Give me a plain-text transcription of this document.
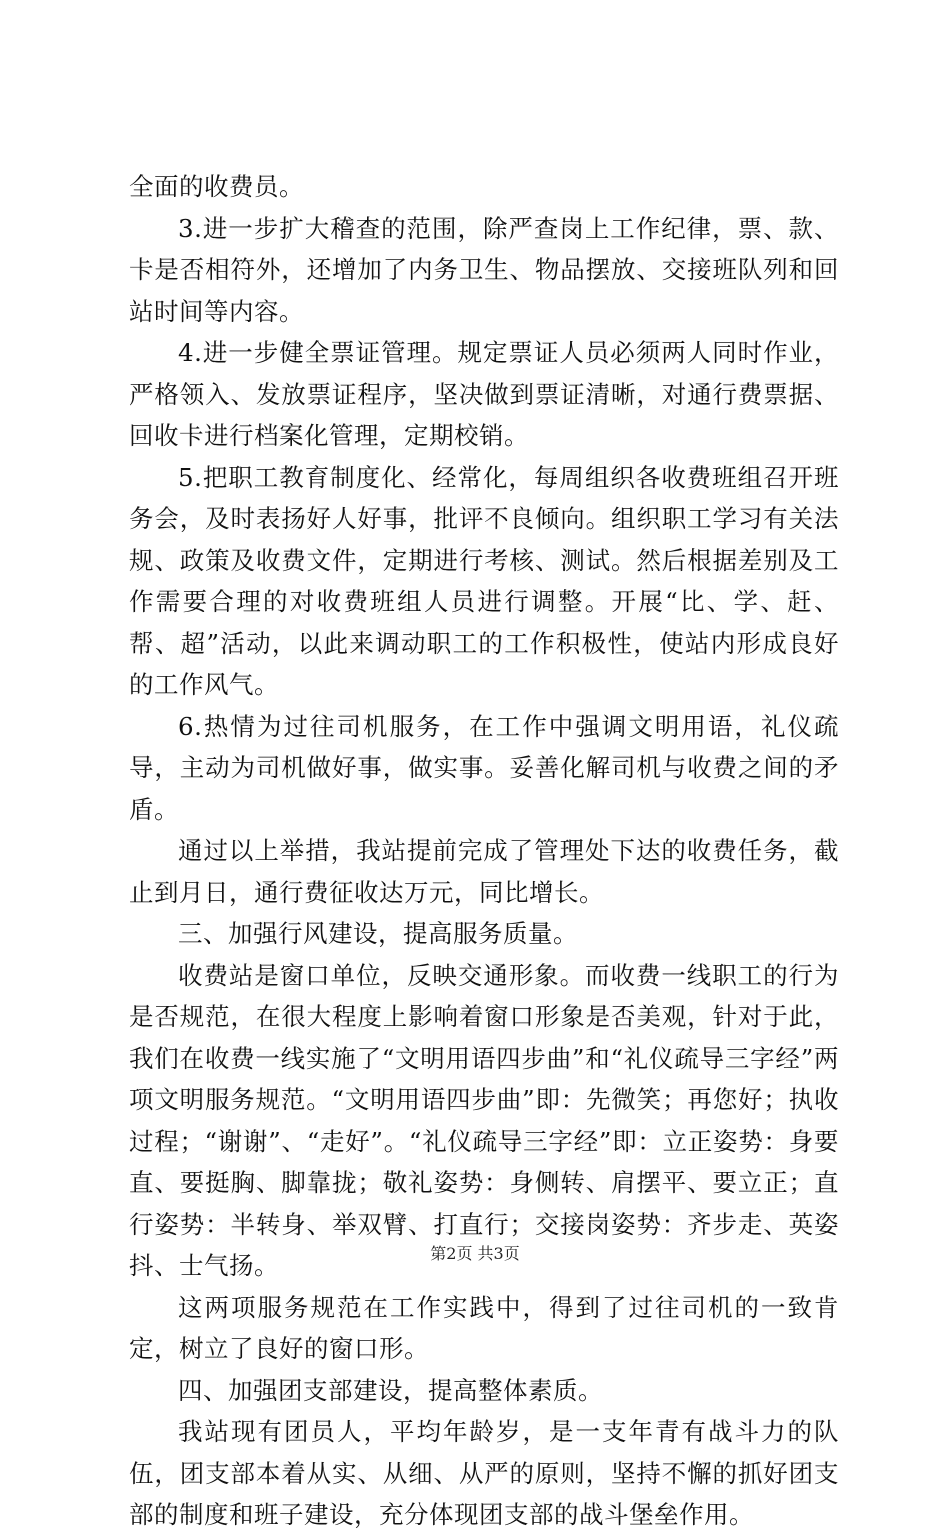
全面的收费员。

3.进一步扩大稽查的范围，除严查岗上工作纪律，票、款、卡是否相符外，还增加了内务卫生、物品摆放、交接班队列和回站时间等内容。

4.进一步健全票证管理。规定票证人员必须两人同时作业，严格领入、发放票证程序，坚决做到票证清晰，对通行费票据、回收卡进行档案化管理，定期校销。

5.把职工教育制度化、经常化，每周组织各收费班组召开班务会，及时表扬好人好事，批评不良倾向。组织职工学习有关法规、政策及收费文件，定期进行考核、测试。然后根据差别及工作需要合理的对收费班组人员进行调整。开展“比、学、赶、帮、超”活动，以此来调动职工的工作积极性，使站内形成良好的工作风气。

6.热情为过往司机服务，在工作中强调文明用语，礼仪疏导，主动为司机做好事，做实事。妥善化解司机与收费之间的矛盾。

通过以上举措，我站提前完成了管理处下达的收费任务，截止到月日，通行费征收达万元，同比增长。

三、加强行风建设，提高服务质量。

收费站是窗口单位，反映交通形象。而收费一线职工的行为是否规范，在很大程度上影响着窗口形象是否美观，针对于此，我们在收费一线实施了“文明用语四步曲”和“礼仪疏导三字经”两项文明服务规范。“文明用语四步曲”即：先微笑；再您好；执收过程；“谢谢”、“走好”。“礼仪疏导三字经”即：立正姿势：身要直、要挺胸、脚靠拢；敬礼姿势：身侧转、肩摆平、要立正；直行姿势：半转身、举双臂、打直行；交接岗姿势：齐步走、英姿抖、士气扬。

这两项服务规范在工作实践中，得到了过往司机的一致肯定，树立了良好的窗口形。

四、加强团支部建设，提高整体素质。

我站现有团员人，平均年龄岁，是一支年青有战斗力的队伍，团支部本着从实、从细、从严的原则，坚持不懈的抓好团支部的制度和班子建设，充分体现团支部的战斗堡垒作用。

第2页 共3页
